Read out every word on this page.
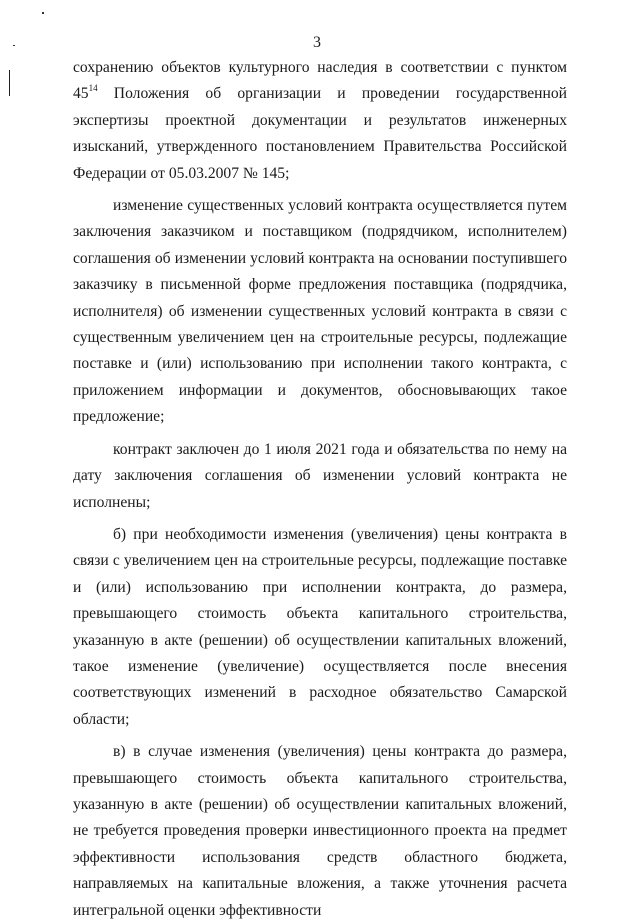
3

сохранению объектов культурного наследия в соответствии с пунктом $45^{14}$ Положения об организации и проведении государственной экспертизы проектной документации и результатов инженерных изысканий, утвержденного постановлением Правительства Российской Федерации от 05.03.2007 № 145;

изменение существенных условий контракта осуществляется путем заключения заказчиком и поставщиком (подрядчиком, исполнителем) соглашения об изменении условий контракта на основании поступившего заказчику в письменной форме предложения поставщика (подрядчика, исполнителя) об изменении существенных условий контракта в связи с существенным увеличением цен на строительные ресурсы, подлежащие поставке и (или) использованию при исполнении такого контракта, с приложением информации и документов, обосновывающих такое предложение;

контракт заключен до 1 июля 2021 года и обязательства по нему на дату заключения соглашения об изменении условий контракта не исполнены;

б) при необходимости изменения (увеличения) цены контракта в связи с увеличением цен на строительные ресурсы, подлежащие поставке и (или) использованию при исполнении контракта, до размера, превышающего стоимость объекта капитального строительства, указанную в акте (решении) об осуществлении капитальных вложений, такое изменение (увеличение) осуществляется после внесения соответствующих изменений в расходное обязательство Самарской области;

в) в случае изменения (увеличения) цены контракта до размера, превышающего стоимость объекта капитального строительства, указанную в акте (решении) об осуществлении капитальных вложений, не требуется проведения проверки инвестиционного проекта на предмет эффективности использования средств областного бюджета, направляемых на капитальные вложения, а также уточнения расчета интегральной оценки эффективности
